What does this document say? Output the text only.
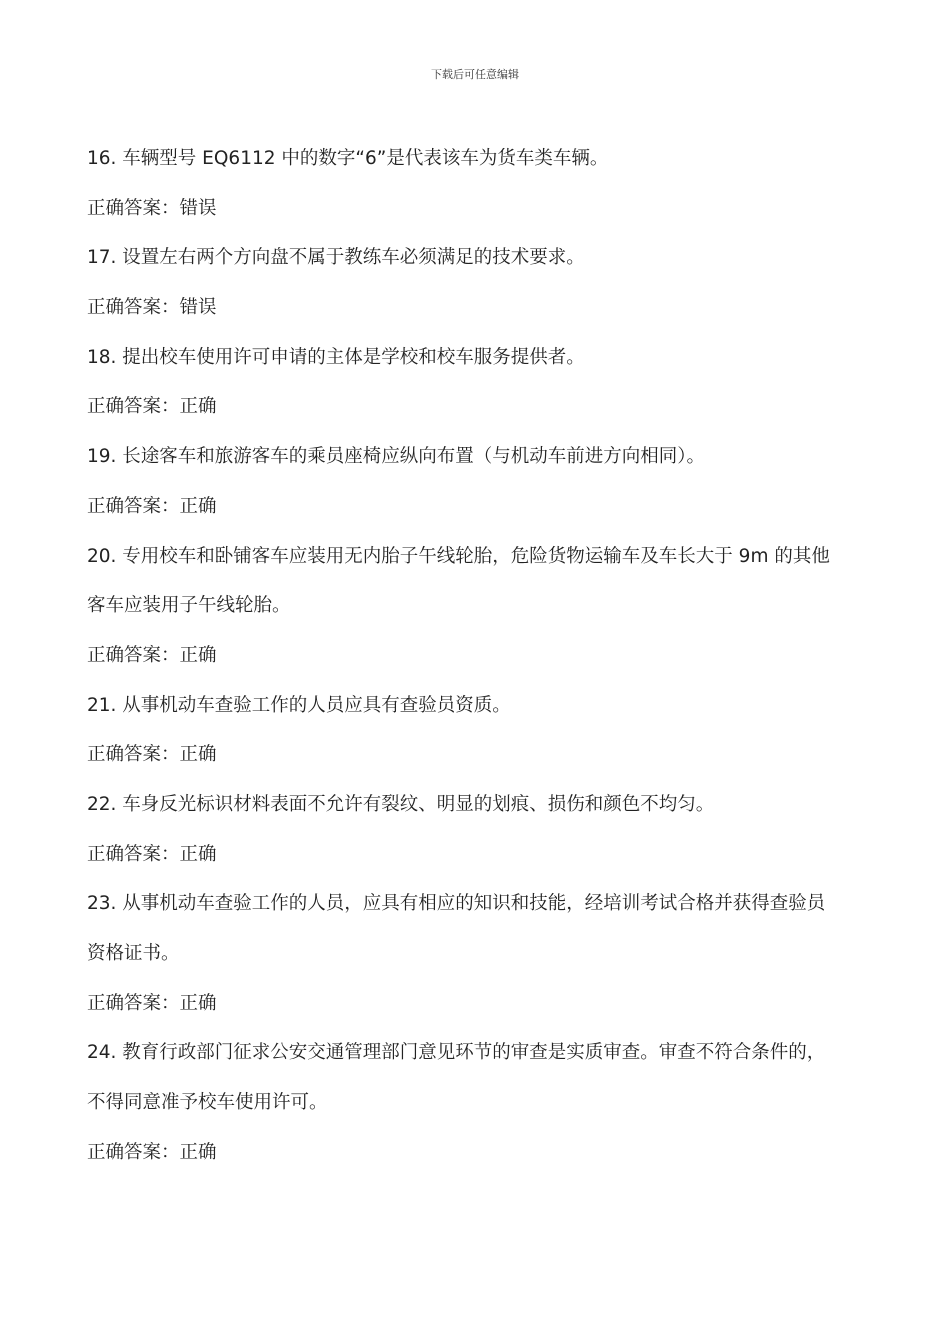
下载后可任意编辑
16. 车辆型号 EQ6112 中的数字“6”是代表该车为货车类车辆。
正确答案：错误
17. 设置左右两个方向盘不属于教练车必须满足的技术要求。
正确答案：错误
18. 提出校车使用许可申请的主体是学校和校车服务提供者。
正确答案：正确
19. 长途客车和旅游客车的乘员座椅应纵向布置（与机动车前进方向相同）。
正确答案：正确
20. 专用校车和卧铺客车应装用无内胎子午线轮胎，危险货物运输车及车长大于 9m 的其他
客车应装用子午线轮胎。
正确答案：正确
21. 从事机动车查验工作的人员应具有查验员资质。
正确答案：正确
22. 车身反光标识材料表面不允许有裂纹、明显的划痕、损伤和颜色不均匀。
正确答案：正确
23. 从事机动车查验工作的人员，应具有相应的知识和技能，经培训考试合格并获得查验员
资格证书。
正确答案：正确
24. 教育行政部门征求公安交通管理部门意见环节的审查是实质审查。审查不符合条件的，
不得同意准予校车使用许可。
正确答案：正确
